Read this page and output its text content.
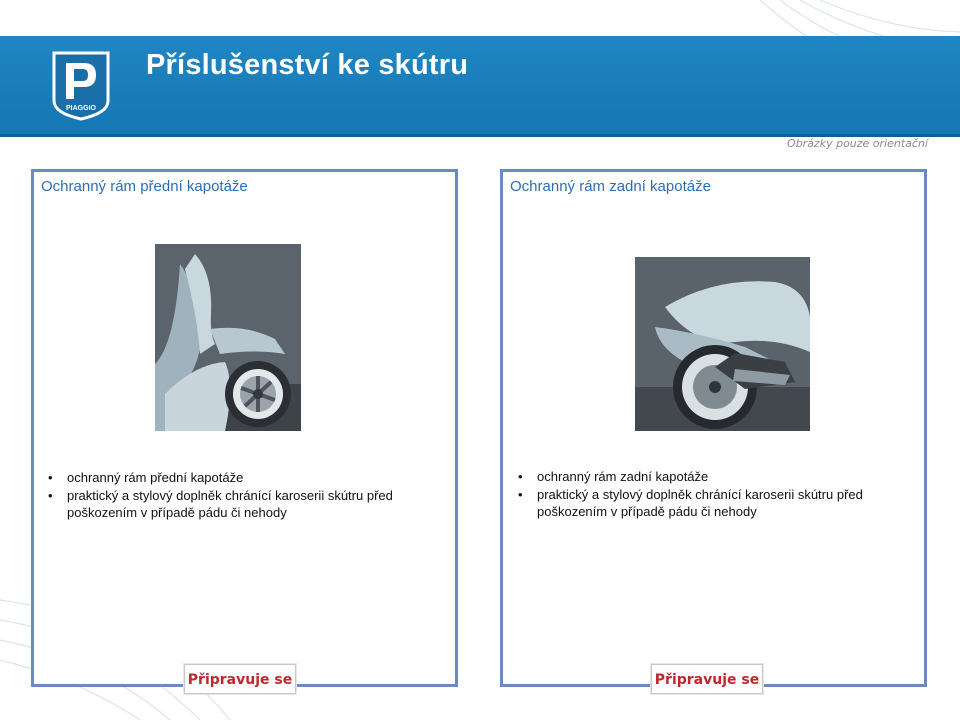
PIAGGIO
Příslušenství ke skútru
Obrázky pouze orientační
Ochranný rám přední kapotáže
• ochranný rám přední kapotáže
• praktický a stylový doplněk chránící karoserii skútru před poškozením v případě pádu či nehody
Připravuje se
Ochranný rám zadní kapotáže
• ochranný rám zadní kapotáže
• praktický a stylový doplněk chránící karoserii skútru před poškozením v případě pádu či nehody
Připravuje se
